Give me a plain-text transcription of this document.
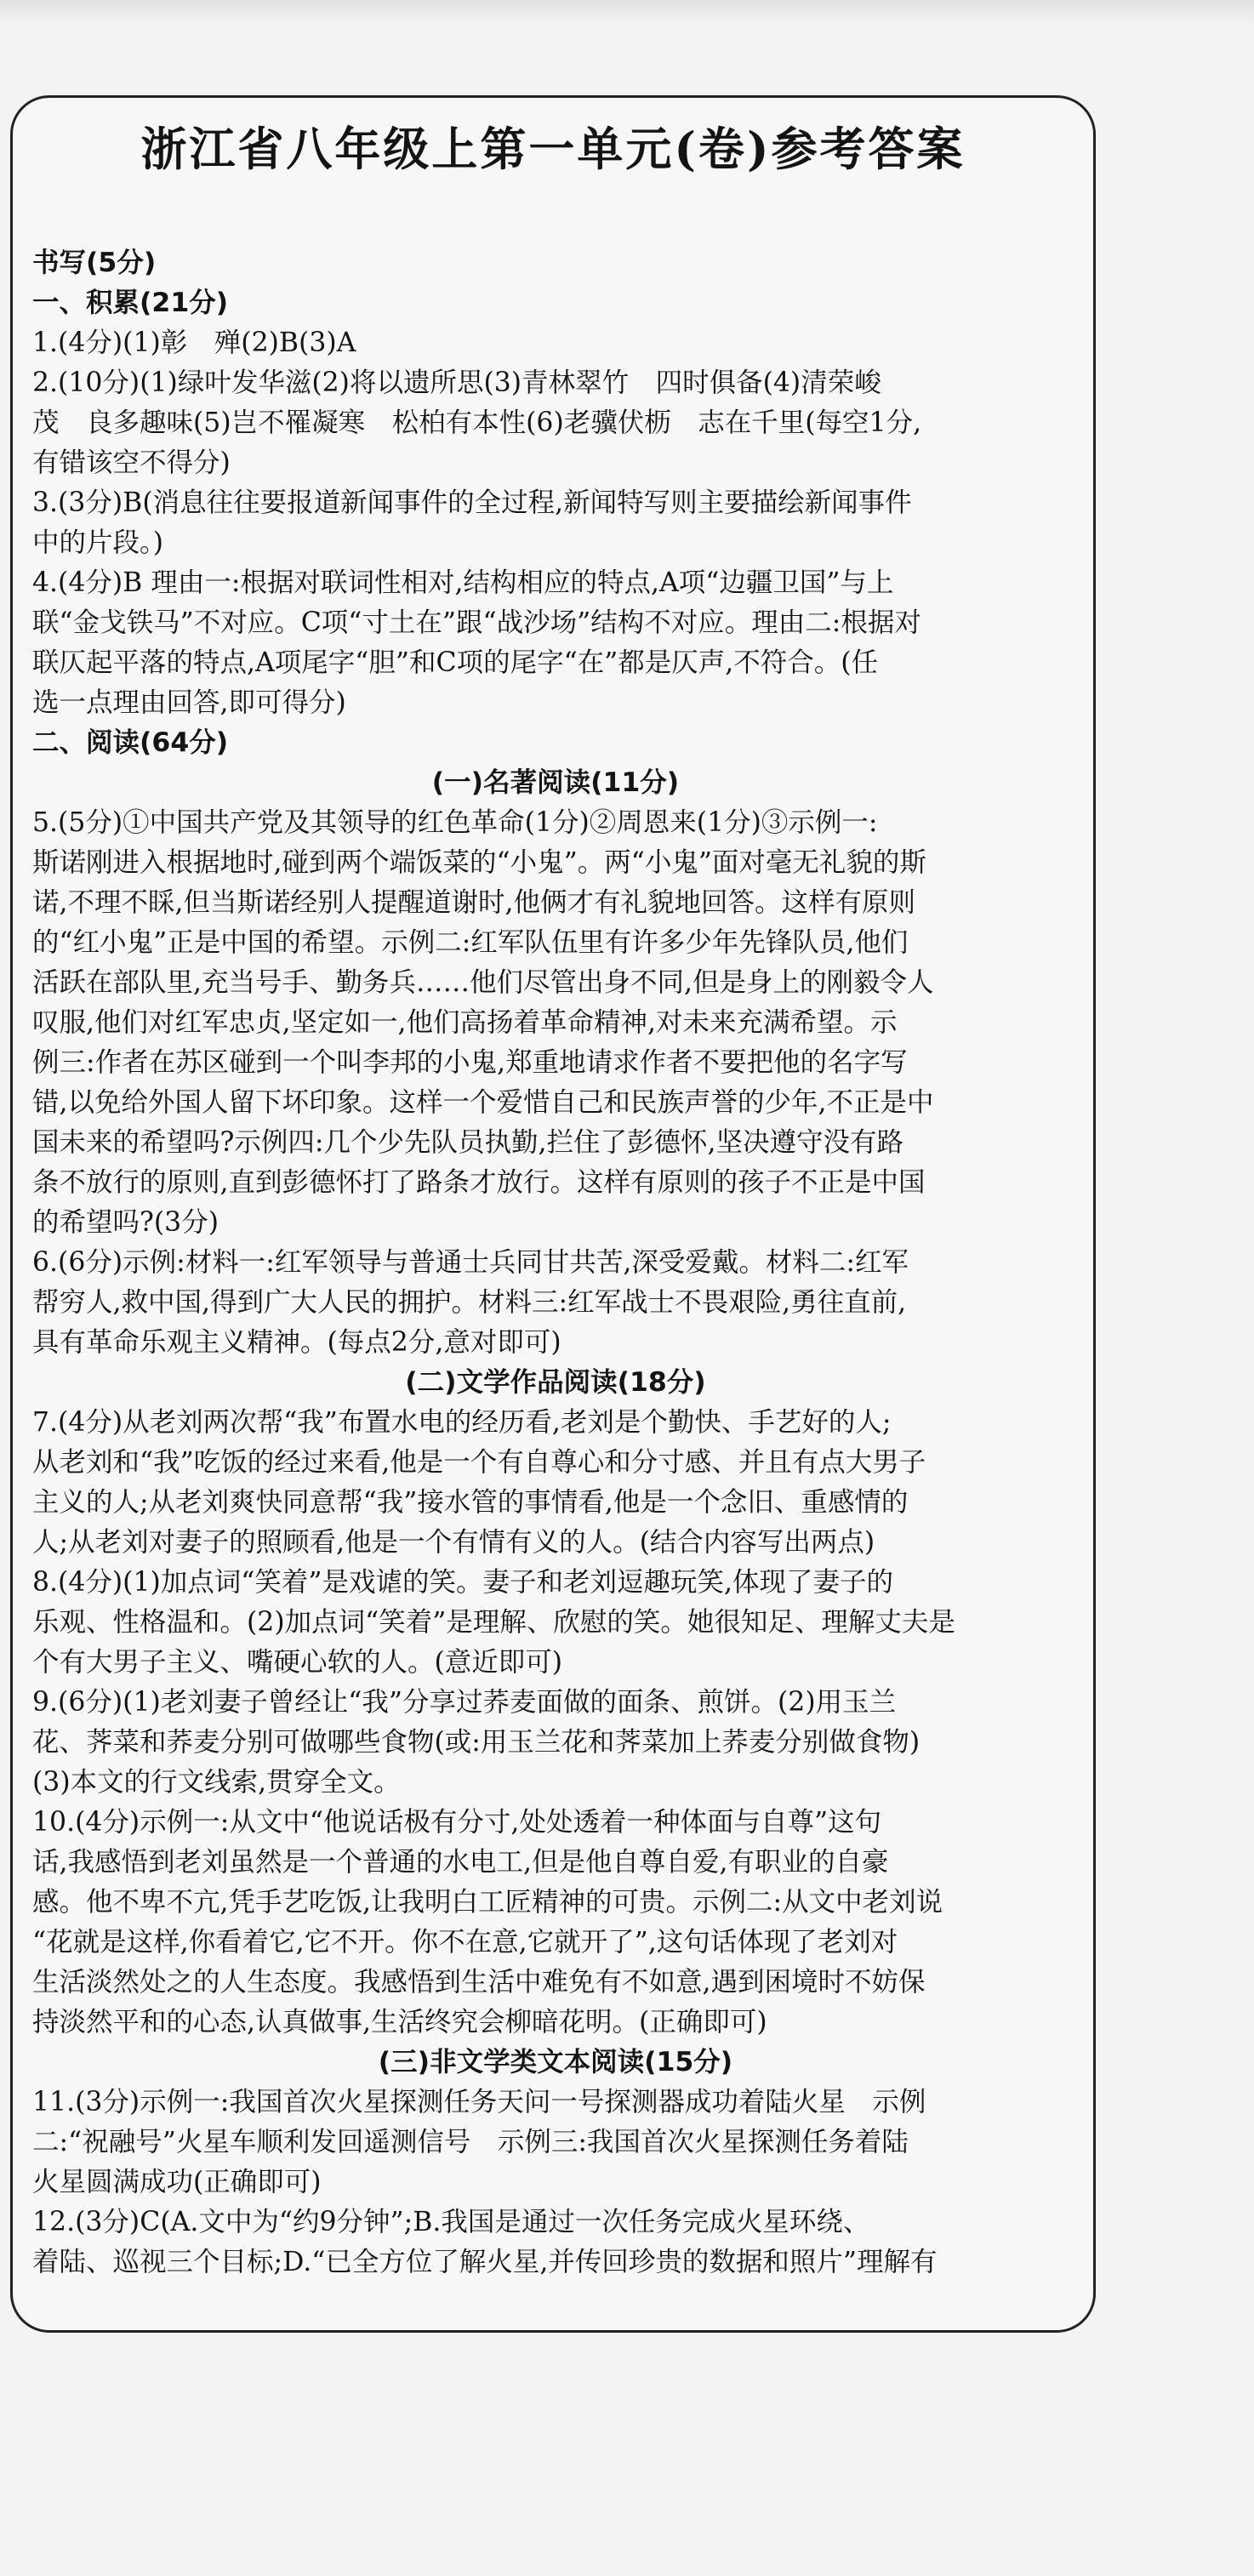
浙江省八年级上第一单元(卷)参考答案
书写(5分)
一、积累(21分)
1.(4分)(1)彰　殚(2)B(3)A
2.(10分)(1)绿叶发华滋(2)将以遗所思(3)青林翠竹　四时俱备(4)清荣峻
茂　良多趣味(5)岂不罹凝寒　松柏有本性(6)老骥伏枥　志在千里(每空1分,
有错该空不得分)
3.(3分)B(消息往往要报道新闻事件的全过程,新闻特写则主要描绘新闻事件
中的片段。)
4.(4分)B 理由一:根据对联词性相对,结构相应的特点,A项“边疆卫国”与上
联“金戈铁马”不对应。C项“寸土在”跟“战沙场”结构不对应。理由二:根据对
联仄起平落的特点,A项尾字“胆”和C项的尾字“在”都是仄声,不符合。(任
选一点理由回答,即可得分)
二、阅读(64分)
(一)名著阅读(11分)
5.(5分)①中国共产党及其领导的红色革命(1分)②周恩来(1分)③示例一:
斯诺刚进入根据地时,碰到两个端饭菜的“小鬼”。两“小鬼”面对毫无礼貌的斯
诺,不理不睬,但当斯诺经别人提醒道谢时,他俩才有礼貌地回答。这样有原则
的“红小鬼”正是中国的希望。示例二:红军队伍里有许多少年先锋队员,他们
活跃在部队里,充当号手、勤务兵……他们尽管出身不同,但是身上的刚毅令人
叹服,他们对红军忠贞,坚定如一,他们高扬着革命精神,对未来充满希望。示
例三:作者在苏区碰到一个叫李邦的小鬼,郑重地请求作者不要把他的名字写
错,以免给外国人留下坏印象。这样一个爱惜自己和民族声誉的少年,不正是中
国未来的希望吗?示例四:几个少先队员执勤,拦住了彭德怀,坚决遵守没有路
条不放行的原则,直到彭德怀打了路条才放行。这样有原则的孩子不正是中国
的希望吗?(3分)
6.(6分)示例:材料一:红军领导与普通士兵同甘共苦,深受爱戴。材料二:红军
帮穷人,救中国,得到广大人民的拥护。材料三:红军战士不畏艰险,勇往直前,
具有革命乐观主义精神。(每点2分,意对即可)
(二)文学作品阅读(18分)
7.(4分)从老刘两次帮“我”布置水电的经历看,老刘是个勤快、手艺好的人;
从老刘和“我”吃饭的经过来看,他是一个有自尊心和分寸感、并且有点大男子
主义的人;从老刘爽快同意帮“我”接水管的事情看,他是一个念旧、重感情的
人;从老刘对妻子的照顾看,他是一个有情有义的人。(结合内容写出两点)
8.(4分)(1)加点词“笑着”是戏谑的笑。妻子和老刘逗趣玩笑,体现了妻子的
乐观、性格温和。(2)加点词“笑着”是理解、欣慰的笑。她很知足、理解丈夫是
个有大男子主义、嘴硬心软的人。(意近即可)
9.(6分)(1)老刘妻子曾经让“我”分享过荞麦面做的面条、煎饼。(2)用玉兰
花、荠菜和荞麦分别可做哪些食物(或:用玉兰花和荠菜加上荞麦分别做食物)
(3)本文的行文线索,贯穿全文。
10.(4分)示例一:从文中“他说话极有分寸,处处透着一种体面与自尊”这句
话,我感悟到老刘虽然是一个普通的水电工,但是他自尊自爱,有职业的自豪
感。他不卑不亢,凭手艺吃饭,让我明白工匠精神的可贵。示例二:从文中老刘说
“花就是这样,你看着它,它不开。你不在意,它就开了”,这句话体现了老刘对
生活淡然处之的人生态度。我感悟到生活中难免有不如意,遇到困境时不妨保
持淡然平和的心态,认真做事,生活终究会柳暗花明。(正确即可)
(三)非文学类文本阅读(15分)
11.(3分)示例一:我国首次火星探测任务天问一号探测器成功着陆火星　示例
二:“祝融号”火星车顺利发回遥测信号　示例三:我国首次火星探测任务着陆
火星圆满成功(正确即可)
12.(3分)C(A.文中为“约9分钟”;B.我国是通过一次任务完成火星环绕、
着陆、巡视三个目标;D.“已全方位了解火星,并传回珍贵的数据和照片”理解有
